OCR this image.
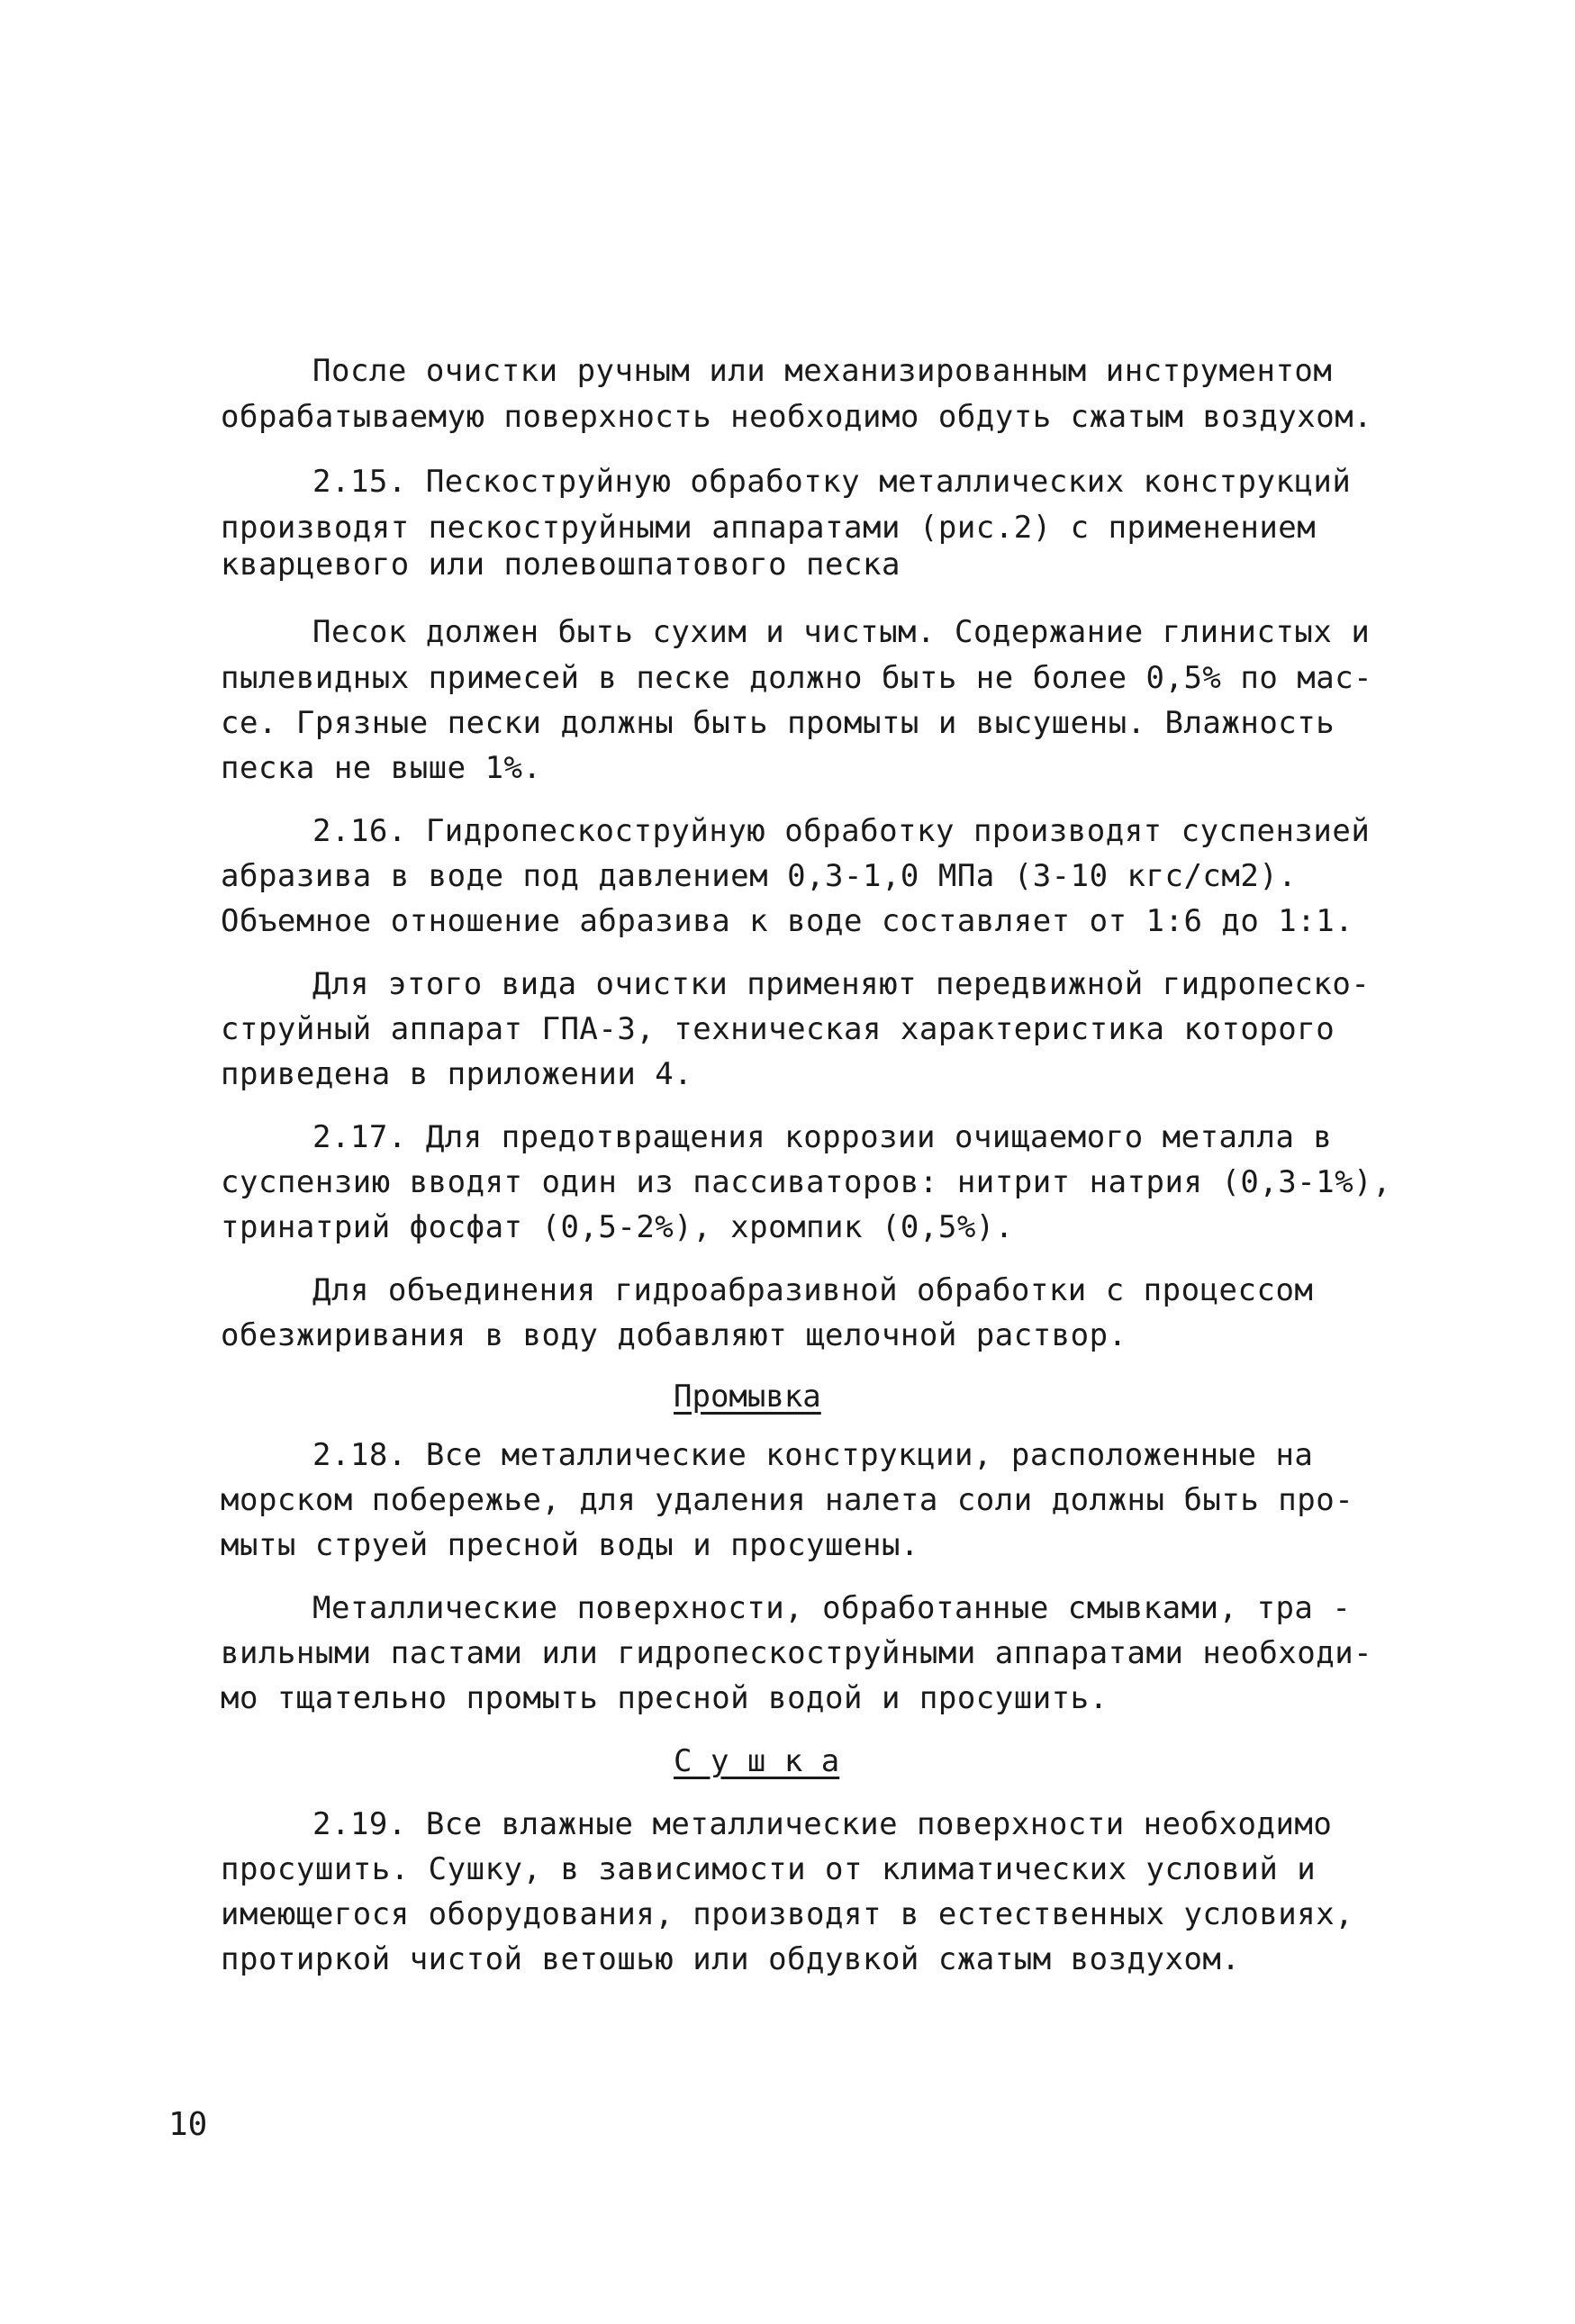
После очистки ручным или механизированным инструментом
обрабатываемую поверхность необходимо обдуть сжатым воздухом.
2.15. Пескоструйную обработку металлических конструкций
производят пескоструйными аппаратами (рис.2) с применением
кварцевого или полевошпатового песка
Песок должен быть сухим и чистым. Содержание глинистых и
пылевидных примесей в песке должно быть не более 0,5% по мас-
се. Грязные пески должны быть промыты и высушены. Влажность
песка не выше 1%.
2.16. Гидропескоструйную обработку производят суспензией
абразива в воде под давлением 0,3-1,0 МПа (3-10 кгс/см2).
Объемное отношение абразива к воде составляет от 1:6 до 1:1.
Для этого вида очистки применяют передвижной гидропеско-
струйный аппарат ГПА-3, техническая характеристика которого
приведена в приложении 4.
2.17. Для предотвращения коррозии очищаемого металла в
суспензию вводят один из пассиваторов: нитрит натрия (0,3-1%),
тринатрий фосфат (0,5-2%), хромпик (0,5%).
Для объединения гидроабразивной обработки с процессом
обезжиривания в воду добавляют щелочной раствор.
Промывка
2.18. Все металлические конструкции, расположенные на
морском побережье, для удаления налета соли должны быть про-
мыты струей пресной воды и просушены.
Металлические поверхности, обработанные смывками, тра -
вильными пастами или гидропескоструйными аппаратами необходи-
мо тщательно промыть пресной водой и просушить.
С у ш к а
2.19. Все влажные металлические поверхности необходимо
просушить. Сушку, в зависимости от климатических условий и
имеющегося оборудования, производят в естественных условиях,
протиркой чистой ветошью или обдувкой сжатым воздухом.
10
